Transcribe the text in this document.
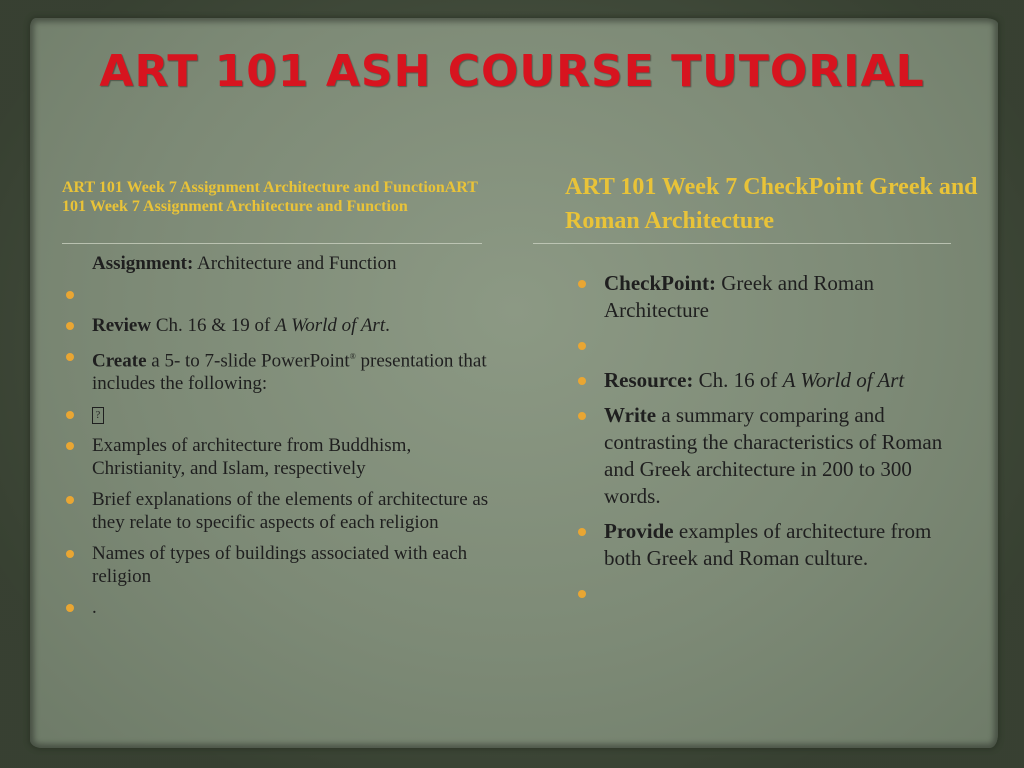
ART 101 ASH COURSE TUTORIAL
ART 101 Week 7 Assignment Architecture and FunctionART 101 Week 7 Assignment Architecture and Function
ART 101 Week 7 CheckPoint Greek and Roman Architecture
Assignment: Architecture and Function
Review Ch. 16 & 19 of A World of Art.
Create a 5- to 7-slide PowerPoint® presentation that includes the following:
?
Examples of architecture from Buddhism, Christianity, and Islam, respectively
Brief explanations of the elements of architecture as they relate to specific aspects of each religion
Names of types of buildings associated with each religion
.
CheckPoint: Greek and Roman Architecture
Resource: Ch. 16 of A World of Art
Write a summary comparing and contrasting the characteristics of Roman and Greek architecture in 200 to 300 words.
Provide examples of architecture from both Greek and Roman culture.
